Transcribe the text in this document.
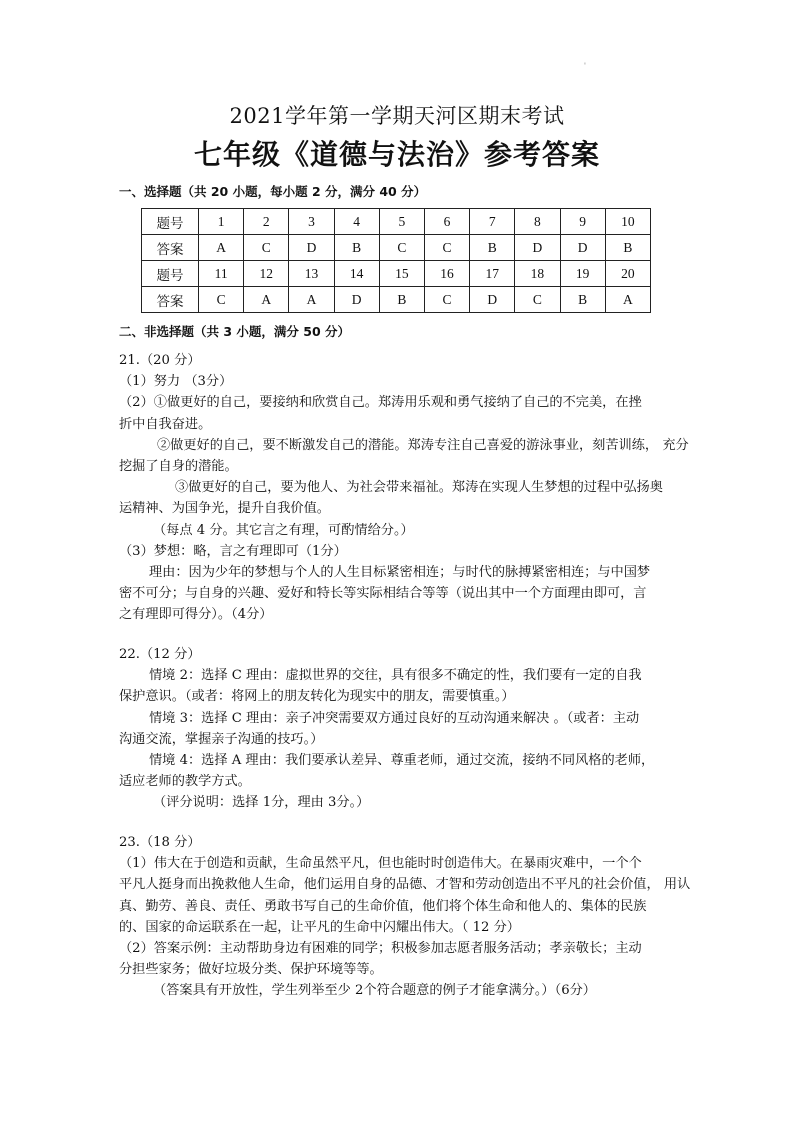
'
2021学年第一学期天河区期末考试
七年级《道德与法治》参考答案
一、选择题（共 20 小题，每小题 2 分，满分 40 分）
题号	1	2	3	4	5	6	7	8	9	10
答案	A	C	D	B	C	C	B	D	D	B
题号	11	12	13	14	15	16	17	18	19	20
答案	C	A	A	D	B	C	D	C	B	A
二、非选择题（共 3 小题，满分 50 分）

21.（20 分）

（1）努力 （3分）

（2）①做更好的自己，要接纳和欣赏自己。郑涛用乐观和勇气接纳了自己的不完美，在挫

折中自我奋进。

②做更好的自己，要不断激发自己的潜能。郑涛专注自己喜爱的游泳事业，刻苦训练， 充分

挖掘了自身的潜能。

③做更好的自己，要为他人、为社会带来福祉。郑涛在实现人生梦想的过程中弘扬奥

运精神、为国争光，提升自我价值。

（每点 4 分。其它言之有理，可酌情给分。）

（3）梦想：略，言之有理即可（1分）

理由：因为少年的梦想与个人的人生目标紧密相连；与时代的脉搏紧密相连；与中国梦

密不可分；与自身的兴趣、爱好和特长等实际相结合等等（说出其中一个方面理由即可，言

之有理即可得分）。（4分）

22.（12 分）

情境 2：选择 C 理由：虚拟世界的交往，具有很多不确定的性，我们要有一定的自我

保护意识。（或者：将网上的朋友转化为现实中的朋友，需要慎重。）

情境 3：选择 C 理由：亲子冲突需要双方通过良好的互动沟通来解决 。（或者：主动

沟通交流，掌握亲子沟通的技巧。）

情境 4：选择 A 理由：我们要承认差异、尊重老师，通过交流，接纳不同风格的老师，

适应老师的教学方式。

（评分说明：选择 1分，理由 3分。）

23.（18 分）

（1）伟大在于创造和贡献，生命虽然平凡，但也能时时创造伟大。在暴雨灾难中，一个个

平凡人挺身而出挽救他人生命，他们运用自身的品德、才智和劳动创造出不平凡的社会价值， 用认

真、勤劳、善良、责任、勇敢书写自己的生命价值，他们将个体生命和他人的、集体的民族

的、国家的命运联系在一起，让平凡的生命中闪耀出伟大。（ 12 分）

（2）答案示例：主动帮助身边有困难的同学；积极参加志愿者服务活动；孝亲敬长；主动

分担些家务；做好垃圾分类、保护环境等等。

（答案具有开放性，学生列举至少 2个符合题意的例子才能拿满分。）（6分）
